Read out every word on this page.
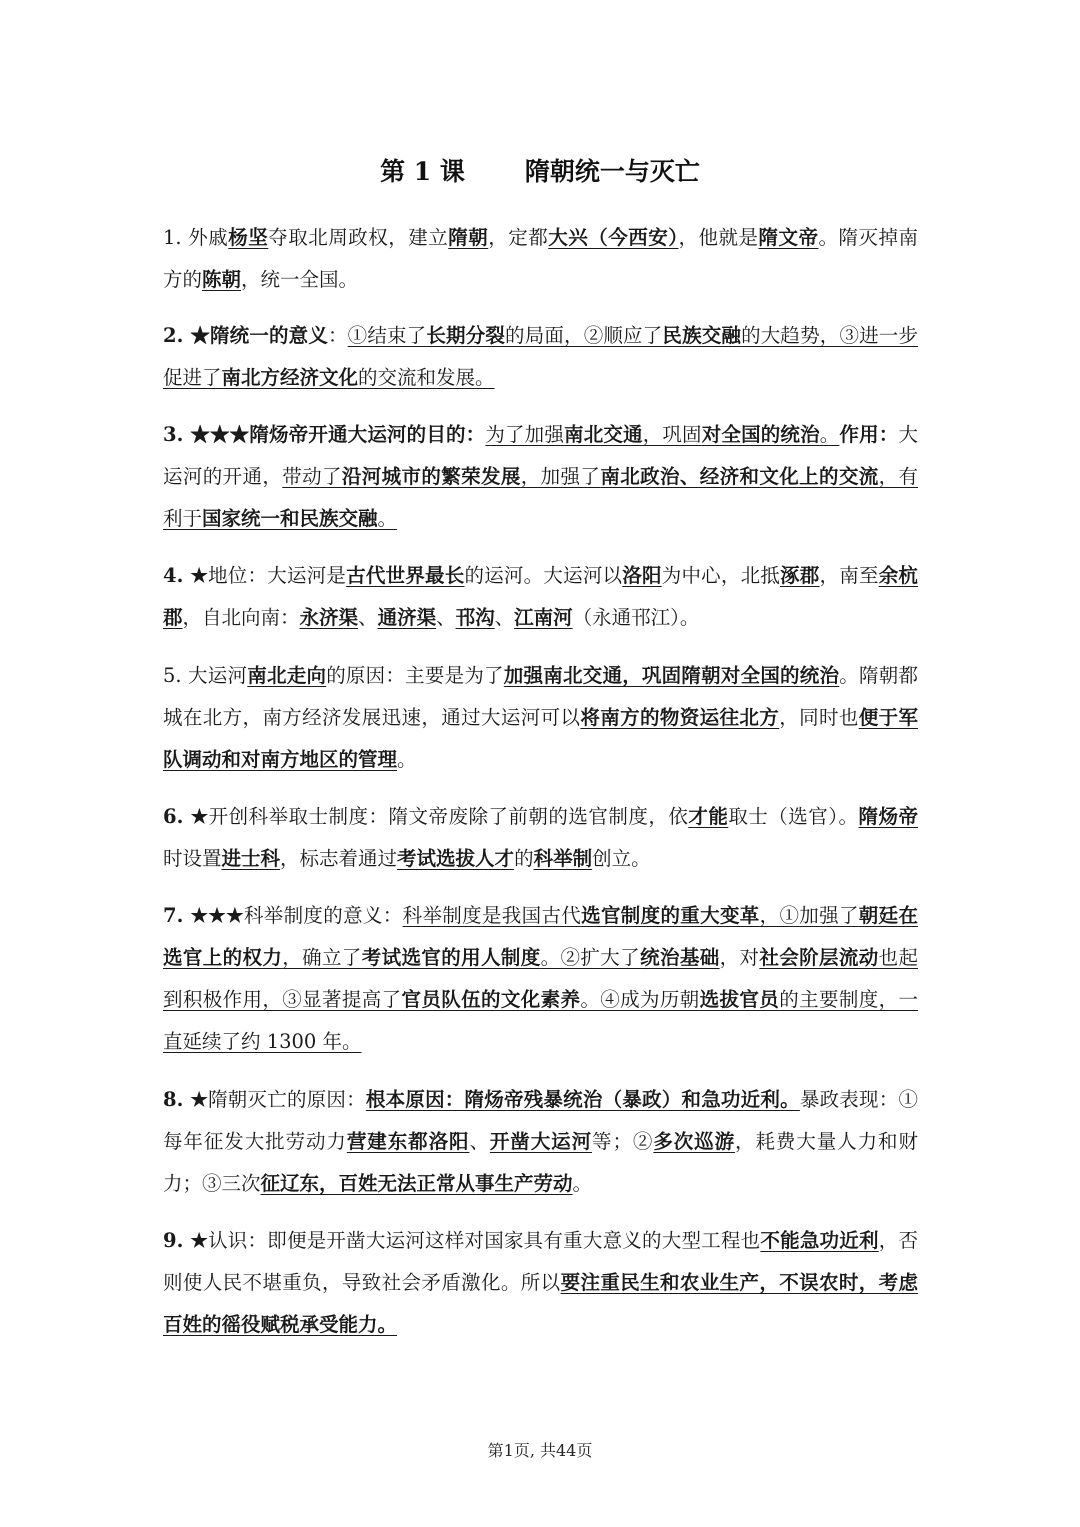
第 1 课 隋朝统一与灭亡
1. 外戚杨坚夺取北周政权，建立隋朝，定都大兴（今西安），他就是隋文帝。隋灭掉南方的陈朝，统一全国。
2. ★隋统一的意义：①结束了长期分裂的局面，②顺应了民族交融的大趋势，③进一步促进了南北方经济文化的交流和发展。
3. ★★★隋炀帝开通大运河的目的：为了加强南北交通，巩固对全国的统治。作用：大运河的开通，带动了沿河城市的繁荣发展，加强了南北政治、经济和文化上的交流，有利于国家统一和民族交融。
4. ★地位：大运河是古代世界最长的运河。大运河以洛阳为中心，北抵涿郡，南至余杭郡，自北向南：永济渠、通济渠、邗沟、江南河（永通邗江）。
5. 大运河南北走向的原因：主要是为了加强南北交通，巩固隋朝对全国的统治。隋朝都城在北方，南方经济发展迅速，通过大运河可以将南方的物资运往北方，同时也便于军队调动和对南方地区的管理。
6. ★开创科举取士制度：隋文帝废除了前朝的选官制度，依才能取士（选官）。隋炀帝时设置进士科，标志着通过考试选拔人才的科举制创立。
7. ★★★科举制度的意义：科举制度是我国古代选官制度的重大变革，①加强了朝廷在选官上的权力，确立了考试选官的用人制度。②扩大了统治基础，对社会阶层流动也起到积极作用，③显著提高了官员队伍的文化素养。④成为历朝选拔官员的主要制度，一直延续了约 1300 年。
8. ★隋朝灭亡的原因：根本原因：隋炀帝残暴统治（暴政）和急功近利。暴政表现：①每年征发大批劳动力营建东都洛阳、开凿大运河等；②多次巡游，耗费大量人力和财力；③三次征辽东，百姓无法正常从事生产劳动。
9. ★认识：即便是开凿大运河这样对国家具有重大意义的大型工程也不能急功近利，否则使人民不堪重负，导致社会矛盾激化。所以要注重民生和农业生产，不误农时，考虑百姓的徭役赋税承受能力。
第1页, 共44页
